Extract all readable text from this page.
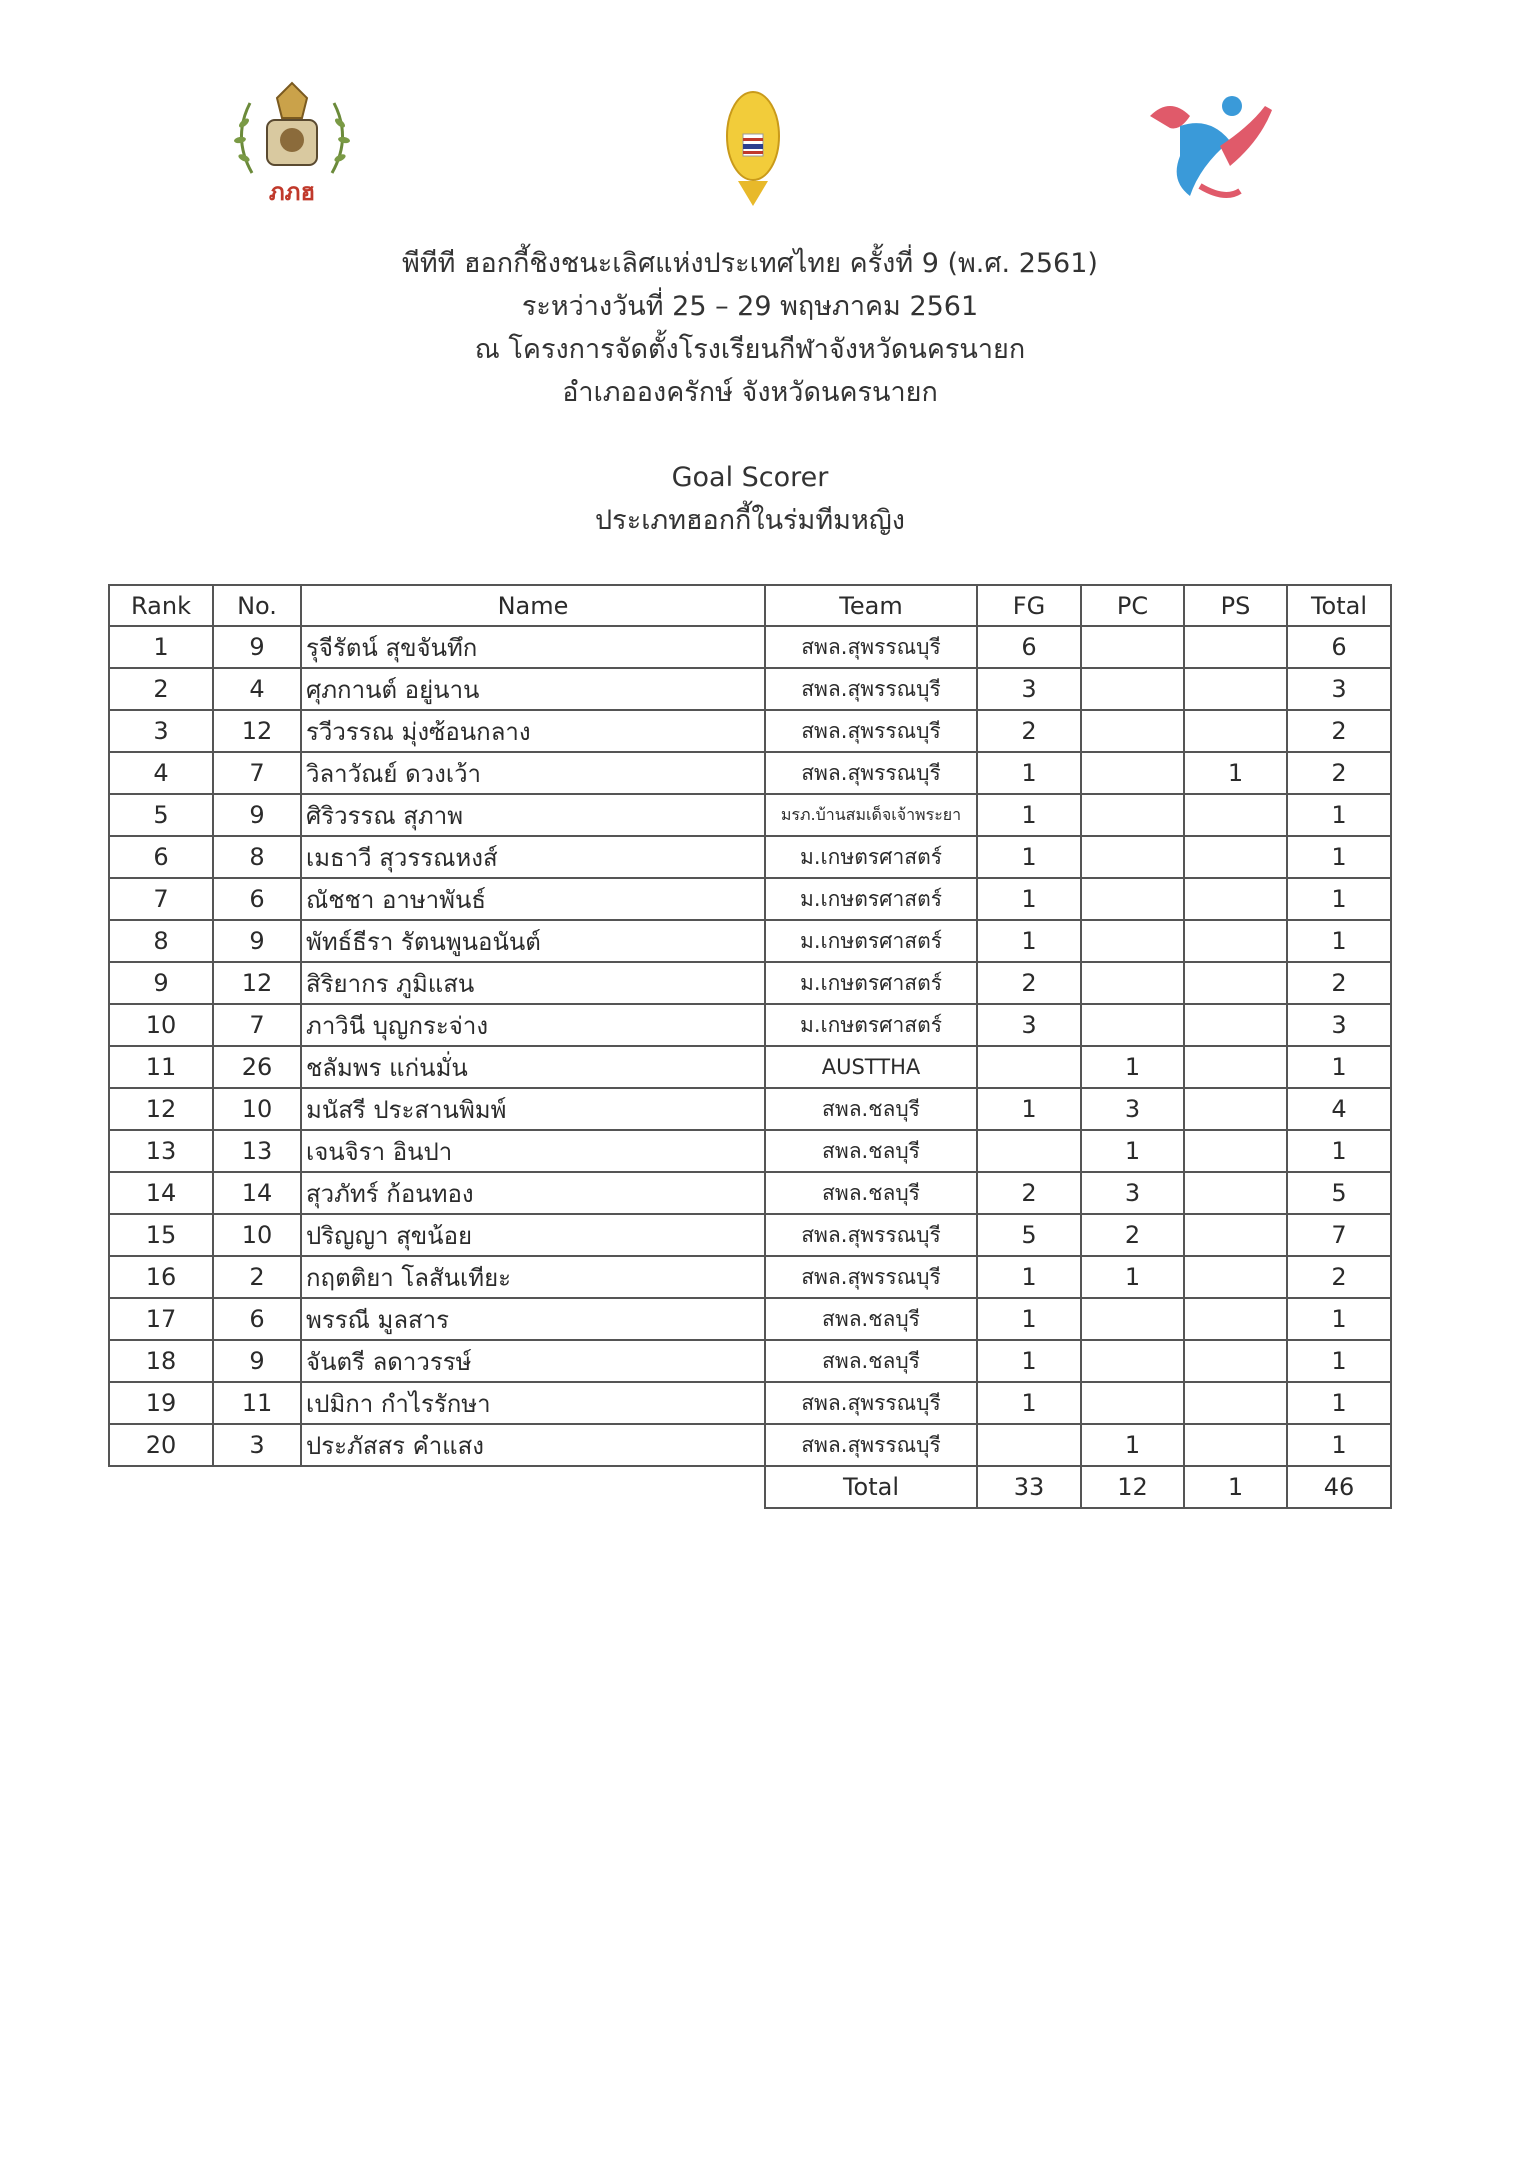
ภภฮ
พีทีที ฮอกกี้ชิงชนะเลิศแห่งประเทศไทย ครั้งที่ 9 (พ.ศ. 2561)
ระหว่างวันที่ 25 – 29 พฤษภาคม 2561
ณ โครงการจัดตั้งโรงเรียนกีฬาจังหวัดนครนายก
อำเภอองครักษ์ จังหวัดนครนายก
Goal Scorer
ประเภทฮอกกี้ในร่มทีมหญิง
Rank	No.	Name	Team	FG	PC	PS	Total
1	9	รุจีรัตน์ สุขจันทึก	สพล.สุพรรณบุรี	6			6
2	4	ศุภกานต์ อยู่นาน	สพล.สุพรรณบุรี	3			3
3	12	รวีวรรณ มุ่งซ้อนกลาง	สพล.สุพรรณบุรี	2			2
4	7	วิลาวัณย์ ดวงเว้า	สพล.สุพรรณบุรี	1		1	2
5	9	ศิริวรรณ สุภาพ	มรภ.บ้านสมเด็จเจ้าพระยา	1			1
6	8	เมธาวี สุวรรณหงส์	ม.เกษตรศาสตร์	1			1
7	6	ณัชชา อาษาพันธ์	ม.เกษตรศาสตร์	1			1
8	9	พัทธ์ธีรา รัตนพูนอนันต์	ม.เกษตรศาสตร์	1			1
9	12	สิริยากร ภูมิแสน	ม.เกษตรศาสตร์	2			2
10	7	ภาวินี บุญกระจ่าง	ม.เกษตรศาสตร์	3			3
11	26	ชลัมพร แก่นมั่น	AUSTTHA		1		1
12	10	มนัสรี ประสานพิมพ์	สพล.ชลบุรี	1	3		4
13	13	เจนจิรา อินปา	สพล.ชลบุรี		1		1
14	14	สุวภัทร์ ก้อนทอง	สพล.ชลบุรี	2	3		5
15	10	ปริญญา สุขน้อย	สพล.สุพรรณบุรี	5	2		7
16	2	กฤตติยา โลสันเทียะ	สพล.สุพรรณบุรี	1	1		2
17	6	พรรณี มูลสาร	สพล.ชลบุรี	1			1
18	9	จันตรี ลดาวรรษ์	สพล.ชลบุรี	1			1
19	11	เปมิกา กำไรรักษา	สพล.สุพรรณบุรี	1			1
20	3	ประภัสสร คำแสง	สพล.สุพรรณบุรี		1		1
			Total	33	12	1	46
